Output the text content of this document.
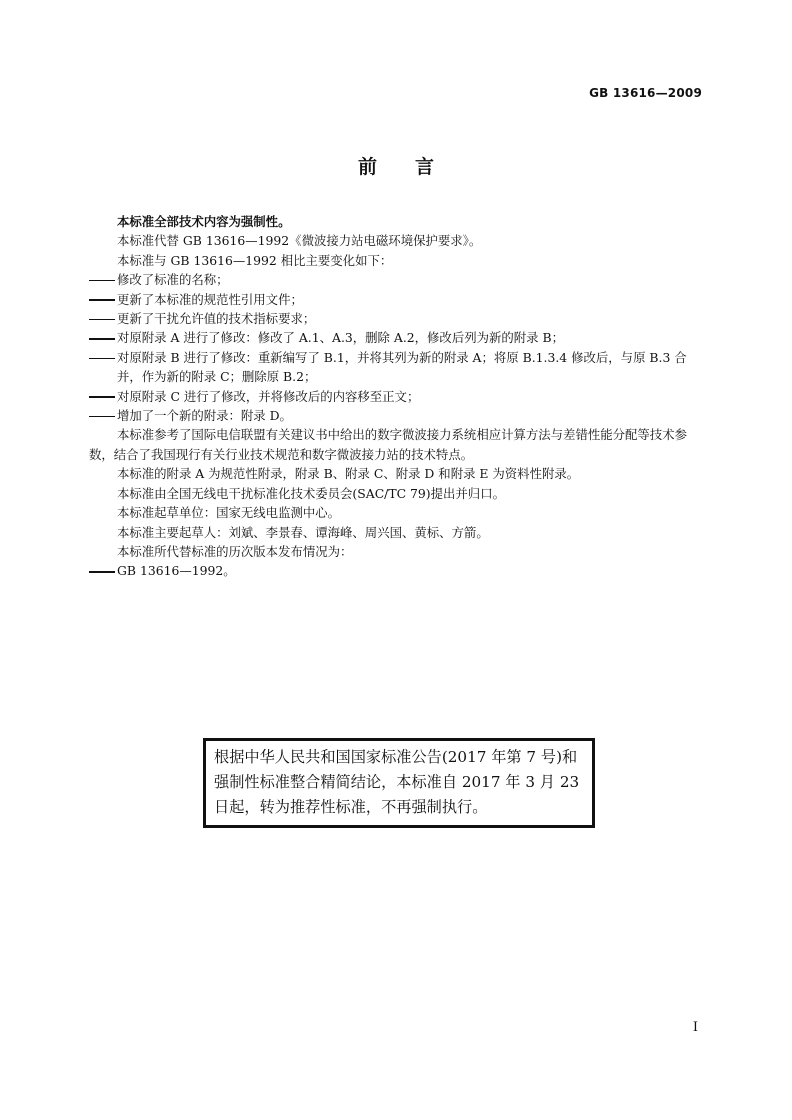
GB 13616—2009
前　　言

本标准全部技术内容为强制性。

本标准代替 GB 13616—1992《微波接力站电磁环境保护要求》。

本标准与 GB 13616—1992 相比主要变化如下：

修改了标准的名称；

更新了本标准的规范性引用文件；

更新了干扰允许值的技术指标要求；

对原附录 A 进行了修改：修改了 A.1、A.3，删除 A.2，修改后列为新的附录 B；

对原附录 B 进行了修改：重新编写了 B.1，并将其列为新的附录 A；将原 B.1.3.4 修改后，与原 B.3 合并，作为新的附录 C；删除原 B.2；

对原附录 C 进行了修改，并将修改后的内容移至正文；

增加了一个新的附录：附录 D。

本标准参考了国际电信联盟有关建议书中给出的数字微波接力系统相应计算方法与差错性能分配等技术参数，结合了我国现行有关行业技术规范和数字微波接力站的技术特点。

本标准的附录 A 为规范性附录，附录 B、附录 C、附录 D 和附录 E 为资料性附录。

本标准由全国无线电干扰标准化技术委员会(SAC/TC 79)提出并归口。

本标准起草单位：国家无线电监测中心。

本标准主要起草人：刘斌、李景春、谭海峰、周兴国、黄标、方箭。

本标准所代替标准的历次版本发布情况为：

GB 13616—1992。

根据中华人民共和国国家标准公告(2017 年第 7 号)和强制性标准整合精简结论，本标准自 2017 年 3 月 23 日起，转为推荐性标准，不再强制执行。
I
